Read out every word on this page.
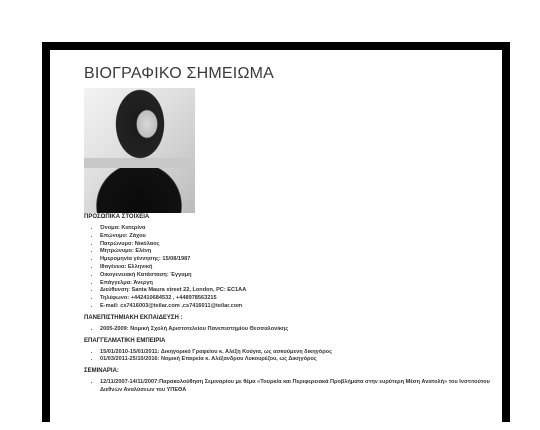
ΒΙΟΓΡΑΦΙΚΟ ΣΗΜΕΙΩΜΑ
ΠΡΟΣΩΠΙΚΑ ΣΤΟΙΧΕΙΑ
• Όνομα: Κατερίνα
• Επώνυμο: Ζάχου
• Πατρώνυμο: Νικόλαος
• Μητρώνυμο: Ελένη
• Ημερομηνία γέννησης: 15/08/1987
• Ιθαγένεια: Ελληνική
• Οικογενειακή Κατάσταση: Έγγαμη
• Επάγγελμα: Άνεργη
• Διεύθυνση: Santa Maura street 22, London, PC: EC1AA
• Τηλέφωνο: +442410684532 , +448978563215
• E-mail: cs7416003@teilar.com ,cs7416011@teilar.com
ΠΑΝΕΠΙΣΤΗΜΙΑΚΗ ΕΚΠΑΙΔΕΥΣΗ :
• 2005-2009: Νομική Σχολή Αριστοτελείου Πανεπιστημίου Θεσσαλονίκης
ΕΠΑΓΓΕΛΜΑΤΙΚΗ ΕΜΠΕΙΡΙΑ
• 15/01/2010-15/01/2011: Δικηγορικό Γραφείου κ. Αλέξη Κούγια, ως ασκούμενη δικηγόρος
• 01/03/2011-25/10/2016: Νομική Εταιρεία κ. Αλέξανδρου Λυκουρέζου, ως Δικηγόρος
ΣΕΜΙΝΑΡΙΑ:
• 12/11/2007-14/11/2007:Παρακολούθηση Σεμιναρίου με θέμα «Τουρκία και Περιφερειακά Προβλήματα στην ευρύτερη Μέση Ανατολή» του Ινστιτούτου Διεθνών Αναλύσεων του ΥΠΕΘΑ
